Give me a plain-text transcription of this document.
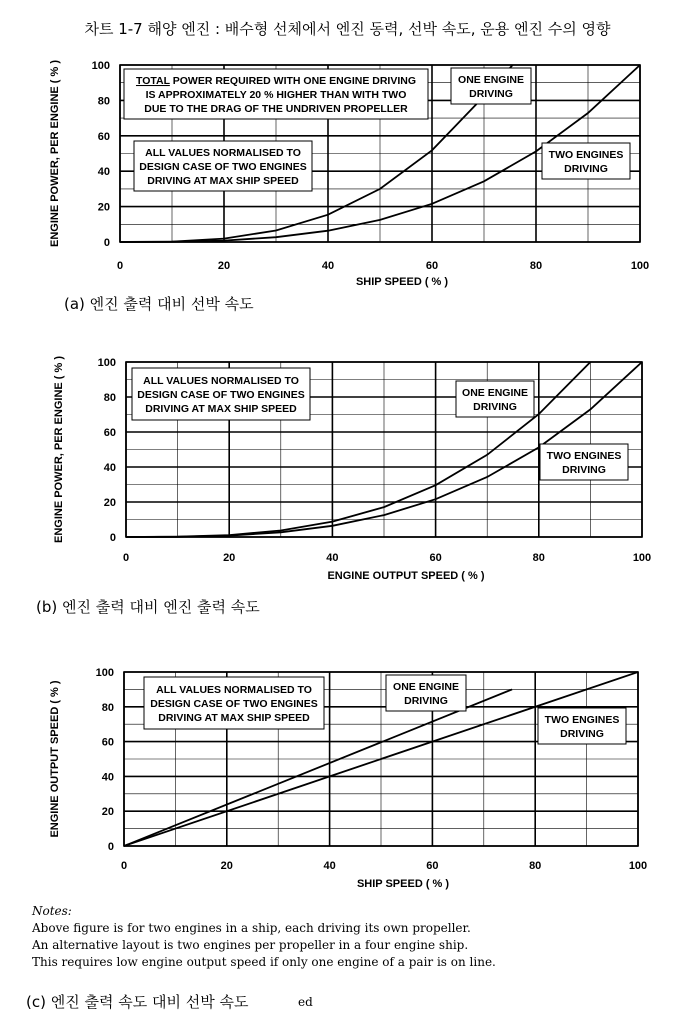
차트 1-7 해양 엔진 : 배수형 선체에서 엔진 동력, 선박 속도, 운용 엔진 수의 영향
0	20	40	60	80	100
0
20
40
60
80
100
SHIP SPEED ( % )
ENGINE POWER, PER ENGINE ( % )	TOTAL POWER REQUIRED WITH ONE ENGINE DRIVING
IS APPROXIMATELY 20 % HIGHER THAN WITH TWO
DUE TO THE DRAG OF THE UNDRIVEN PROPELLER
ALL VALUES NORMALISED TO
DESIGN CASE OF TWO ENGINES
DRIVING AT MAX SHIP SPEED
ONE ENGINE
DRIVING
TWO ENGINES
DRIVING
(a) 엔진 출력 대비 선박 속도
0	20	40	60	80	100
0
20
40
60
80
100
ENGINE OUTPUT SPEED ( % )
ENGINE POWER, PER ENGINE ( % )	ALL VALUES NORMALISED TO
DESIGN CASE OF TWO ENGINES
DRIVING AT MAX SHIP SPEED
ONE ENGINE
DRIVING
TWO ENGINES
DRIVING
(b) 엔진 출력 대비 엔진 출력 속도
0	20	40	60	80	100
0
20
40
60
80
100
SHIP SPEED ( % )
ENGINE OUTPUT SPEED ( % )	ALL VALUES NORMALISED TO
DESIGN CASE OF TWO ENGINES
DRIVING AT MAX SHIP SPEED
ONE ENGINE
DRIVING
TWO ENGINES
DRIVING
Notes:
Above figure is for two engines in a ship, each driving its own propeller.
An alternative layout is two engines per propeller in a four engine ship.
This requires low engine output speed if only one engine of a pair is on line.
(c) 엔진 출력 속도 대비 선박 속도	ed
